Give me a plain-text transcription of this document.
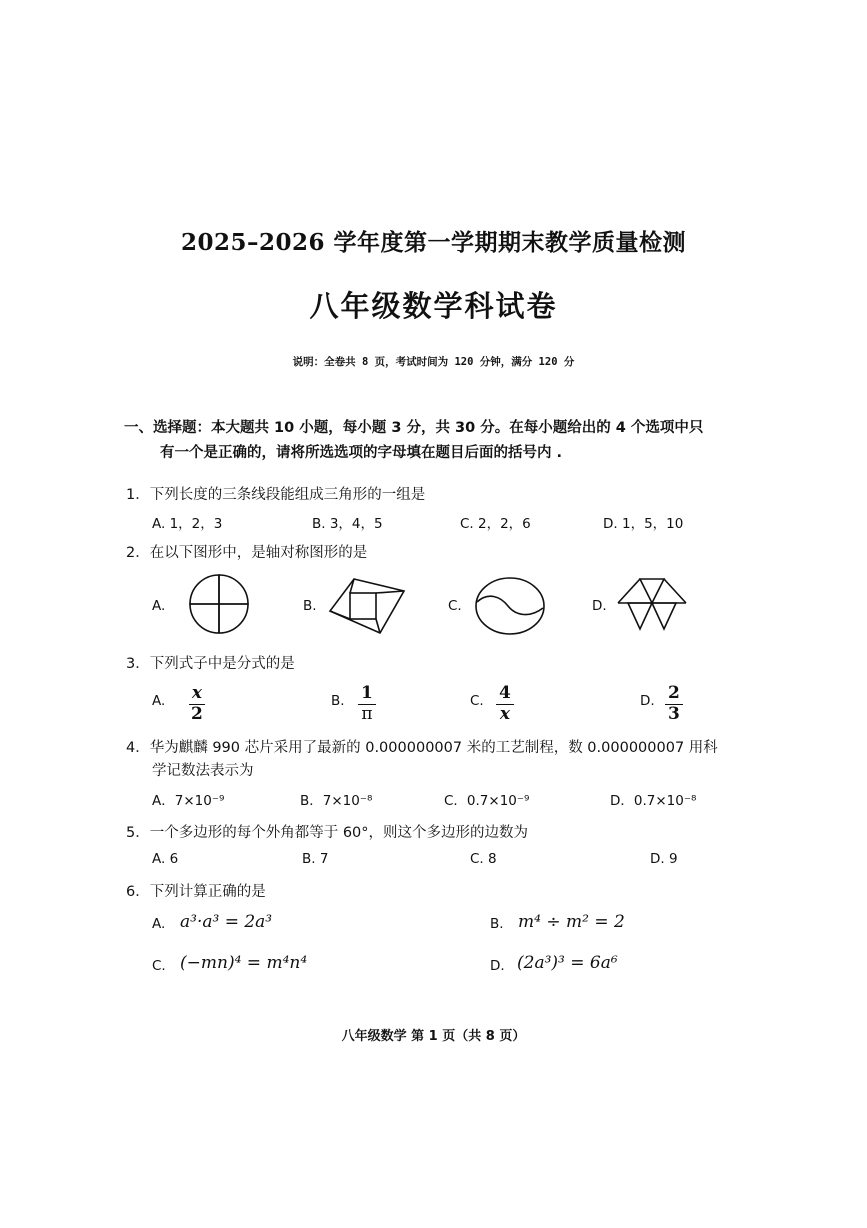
2025–2026 学年度第一学期期末教学质量检测
八年级数学科试卷
说明：全卷共 8 页，考试时间为 120 分钟，满分 120 分
一、选择题：本大题共 10 小题，每小题 3 分，共 30 分。在每小题给出的 4 个选项中只
有一个是正确的，请将所选选项的字母填在题目后面的括号内 .
1．下列长度的三条线段能组成三角形的一组是
A. 1，2，3	B. 3，4，5	C. 2，2，6	D. 1，5，10
2．在以下图形中，是轴对称图形的是
A.	B.	C.	D.
3．下列式子中是分式的是
A. $\frac{x}{2}$	B. $\frac{1}{\pi}$	C. $\frac{4}{x}$	D. $\frac{2}{3}$
4．华为麒麟 990 芯片采用了最新的 0.000000007 米的工艺制程，数 0.000000007 用科
学记数法表示为
A．7×10⁻⁹	B．7×10⁻⁸	C．0.7×10⁻⁹	D．0.7×10⁻⁸
5．一个多边形的每个外角都等于 60°，则这个多边形的边数为
A. 6	B. 7	C. 8	D. 9
6．下列计算正确的是
A. a³·a³ = 2a³	B. m⁴ ÷ m² = 2
C. (−mn)⁴ = m⁴n⁴	D. (2a³)³ = 6a⁶
八年级数学 第 1 页（共 8 页）
